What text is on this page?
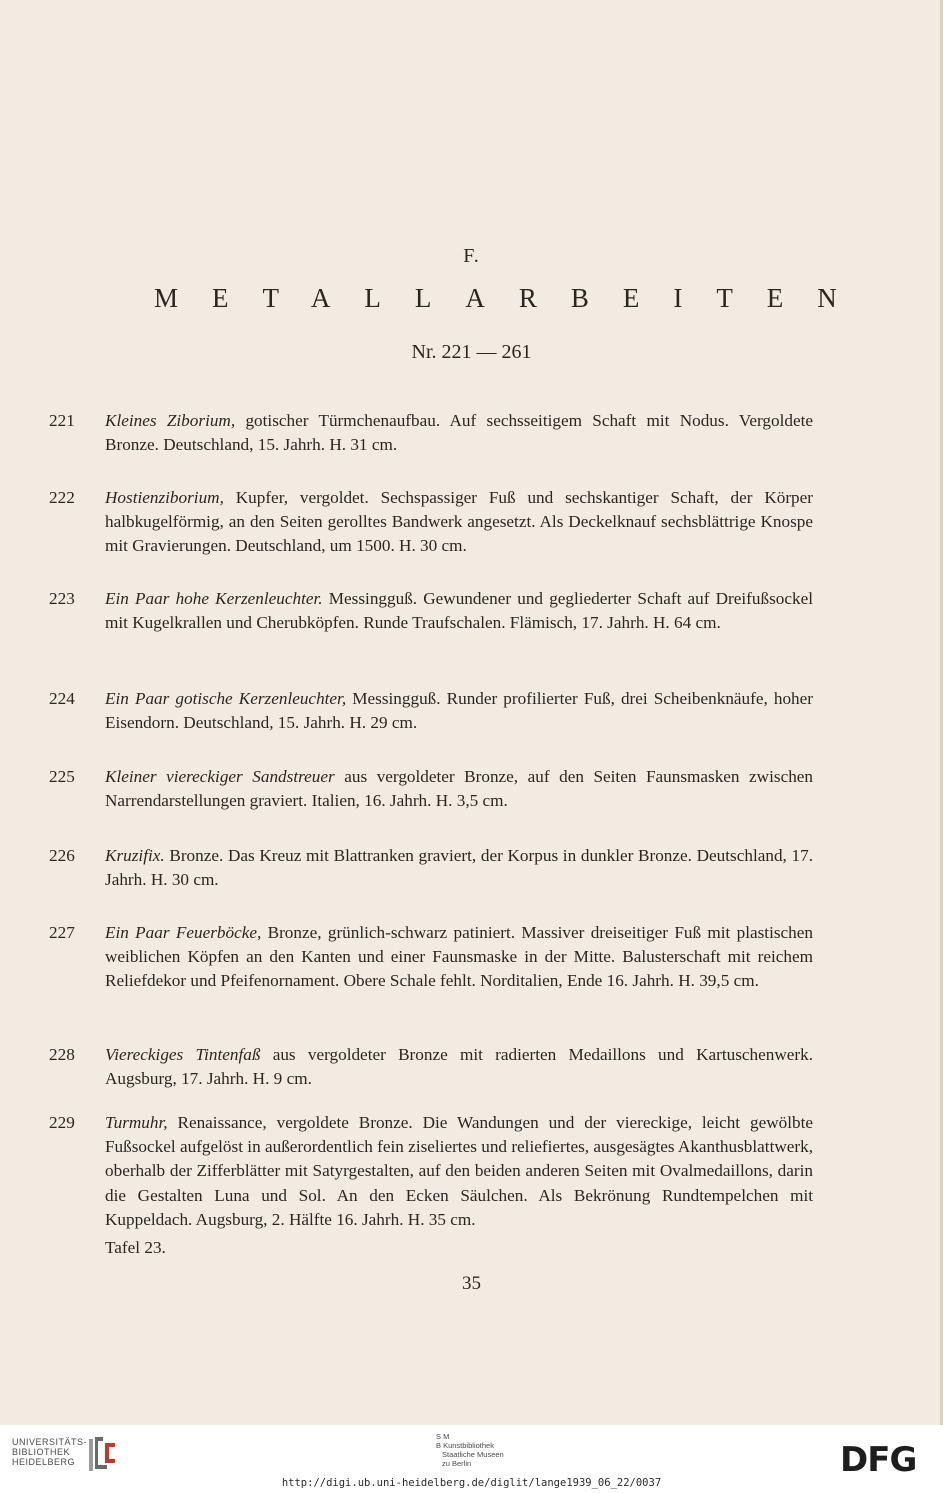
F.
METALLARBEITEN
Nr. 221 — 261
221	Kleines Ziborium, gotischer Türmchenaufbau. Auf sechsseitigem Schaft mit Nodus. Vergoldete Bronze. Deutschland, 15. Jahrh. H. 31 cm.
222	Hostienziborium, Kupfer, vergoldet. Sechspassiger Fuß und sechskantiger Schaft, der Körper halbkugelförmig, an den Seiten gerolltes Bandwerk angesetzt. Als Deckelknauf sechsblättrige Knospe mit Gravierungen. Deutschland, um 1500. H. 30 cm.
223	Ein Paar hohe Kerzenleuchter. Messingguß. Gewundener und gegliederter Schaft auf Dreifußsockel mit Kugelkrallen und Cherubköpfen. Runde Traufschalen. Flämisch, 17. Jahrh. H. 64 cm.
224	Ein Paar gotische Kerzenleuchter, Messingguß. Runder profilierter Fuß, drei Scheibenknäufe, hoher Eisendorn. Deutschland, 15. Jahrh. H. 29 cm.
225	Kleiner viereckiger Sandstreuer aus vergoldeter Bronze, auf den Seiten Faunsmasken zwischen Narrendarstellungen graviert. Italien, 16. Jahrh. H. 3,5 cm.
226	Kruzifix. Bronze. Das Kreuz mit Blattranken graviert, der Korpus in dunkler Bronze. Deutschland, 17. Jahrh. H. 30 cm.
227	Ein Paar Feuerböcke, Bronze, grünlich-schwarz patiniert. Massiver dreiseitiger Fuß mit plastischen weiblichen Köpfen an den Kanten und einer Faunsmaske in der Mitte. Balusterschaft mit reichem Reliefdekor und Pfeifenornament. Obere Schale fehlt. Norditalien, Ende 16. Jahrh. H. 39,5 cm.
228	Viereckiges Tintenfaß aus vergoldeter Bronze mit radierten Medaillons und Kartuschenwerk. Augsburg, 17. Jahrh. H. 9 cm.
229	Turmuhr, Renaissance, vergoldete Bronze. Die Wandungen und der viereckige, leicht gewölbte Fußsockel aufgelöst in außerordentlich fein ziseliertes und reliefiertes, ausgesägtes Akanthusblattwerk, oberhalb der Zifferblätter mit Satyrgestalten, auf den beiden anderen Seiten mit Ovalmedaillons, darin die Gestalten Luna und Sol. An den Ecken Säulchen. Als Bekrönung Rundtempelchen mit Kuppeldach. Augsburg, 2. Hälfte 16. Jahrh. H. 35 cm.
Tafel 23.
35
UNIVERSITÄTS-
BIBLIOTHEK
HEIDELBERG
S M
B Kunstbibliothek
Staatliche Museen
zu Berlin	DFG
http://digi.ub.uni-heidelberg.de/diglit/lange1939_06_22/0037
